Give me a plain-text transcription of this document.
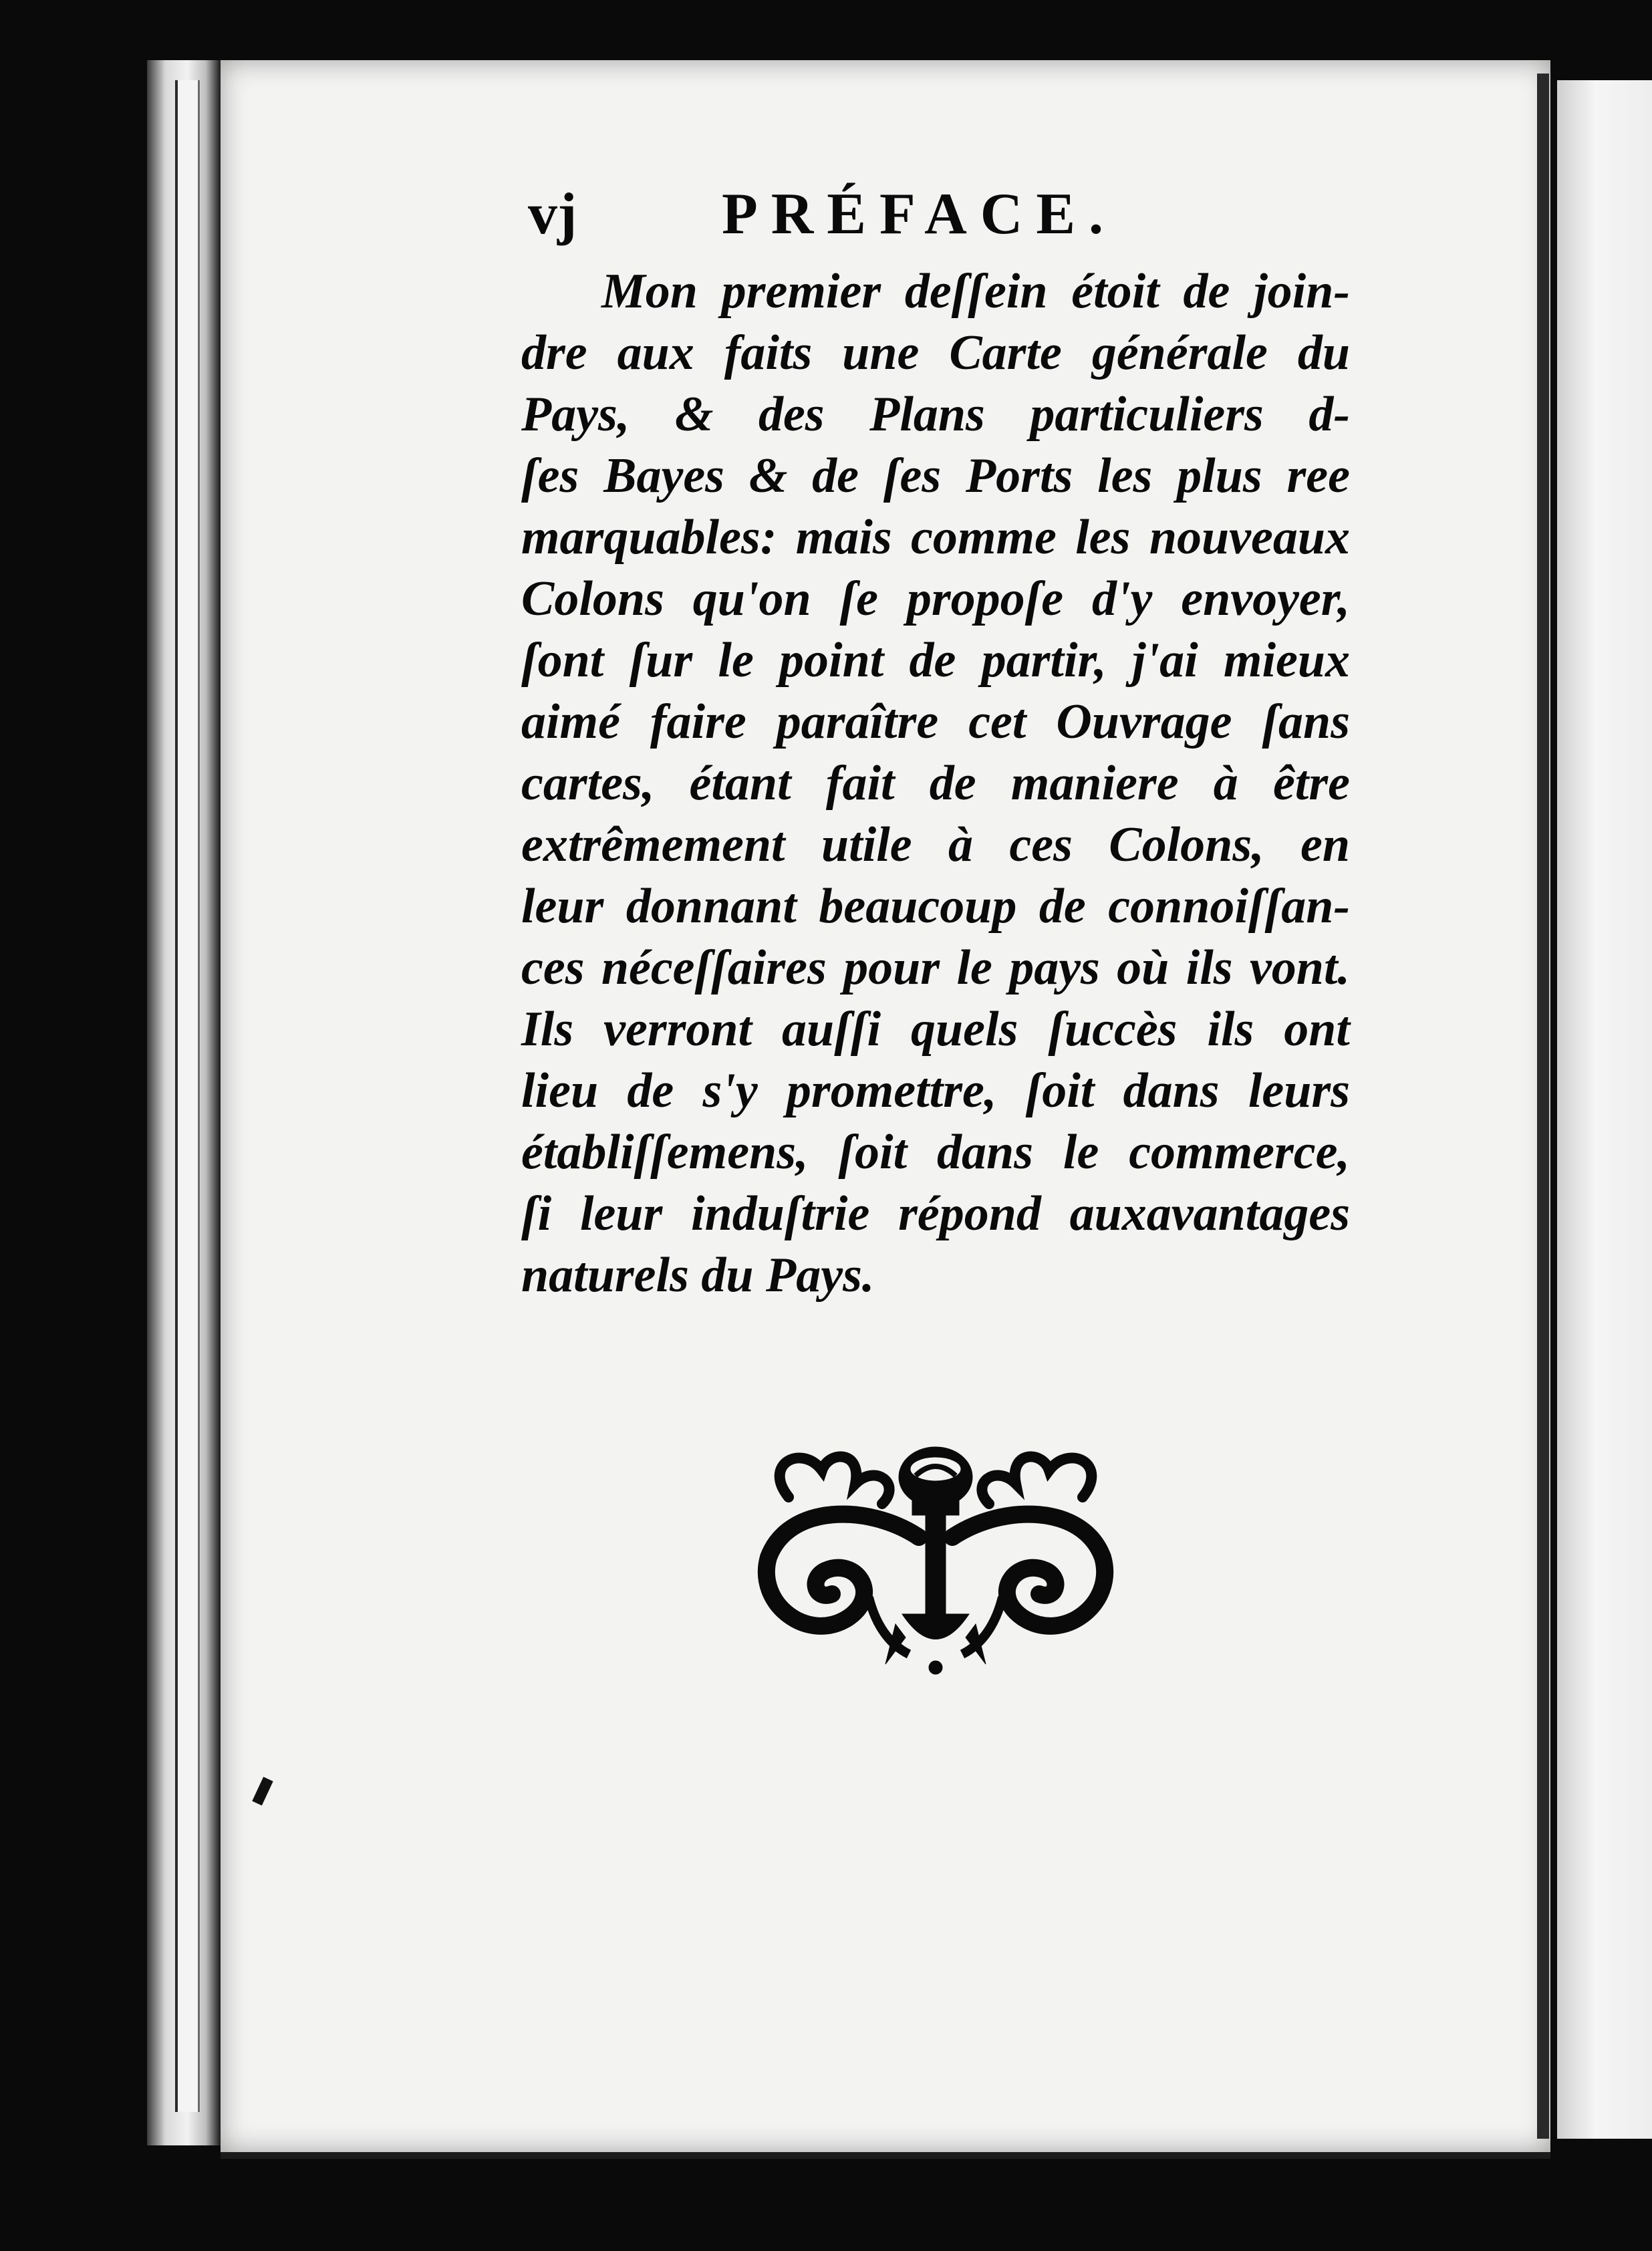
vj PRÉFACE.
Mon premier deſſein étoit de join-
dre aux faits une Carte générale du
Pays, & des Plans particuliers d-
ſes Bayes & de ſes Ports les plus ree
marquables: mais comme les nouveaux
Colons qu'on ſe propoſe d'y envoyer,
ſont ſur le point de partir, j'ai mieux
aimé faire paraître cet Ouvrage ſans
cartes, étant fait de maniere à être
extrêmement utile à ces Colons, en
leur donnant beaucoup de connoiſſan-
ces néceſſaires pour le pays où ils vont.
Ils verront auſſi quels ſuccès ils ont
lieu de s'y promettre, ſoit dans leurs
établiſſemens, ſoit dans le commerce,
ſi leur induſtrie répond auxavantages
naturels du Pays.
